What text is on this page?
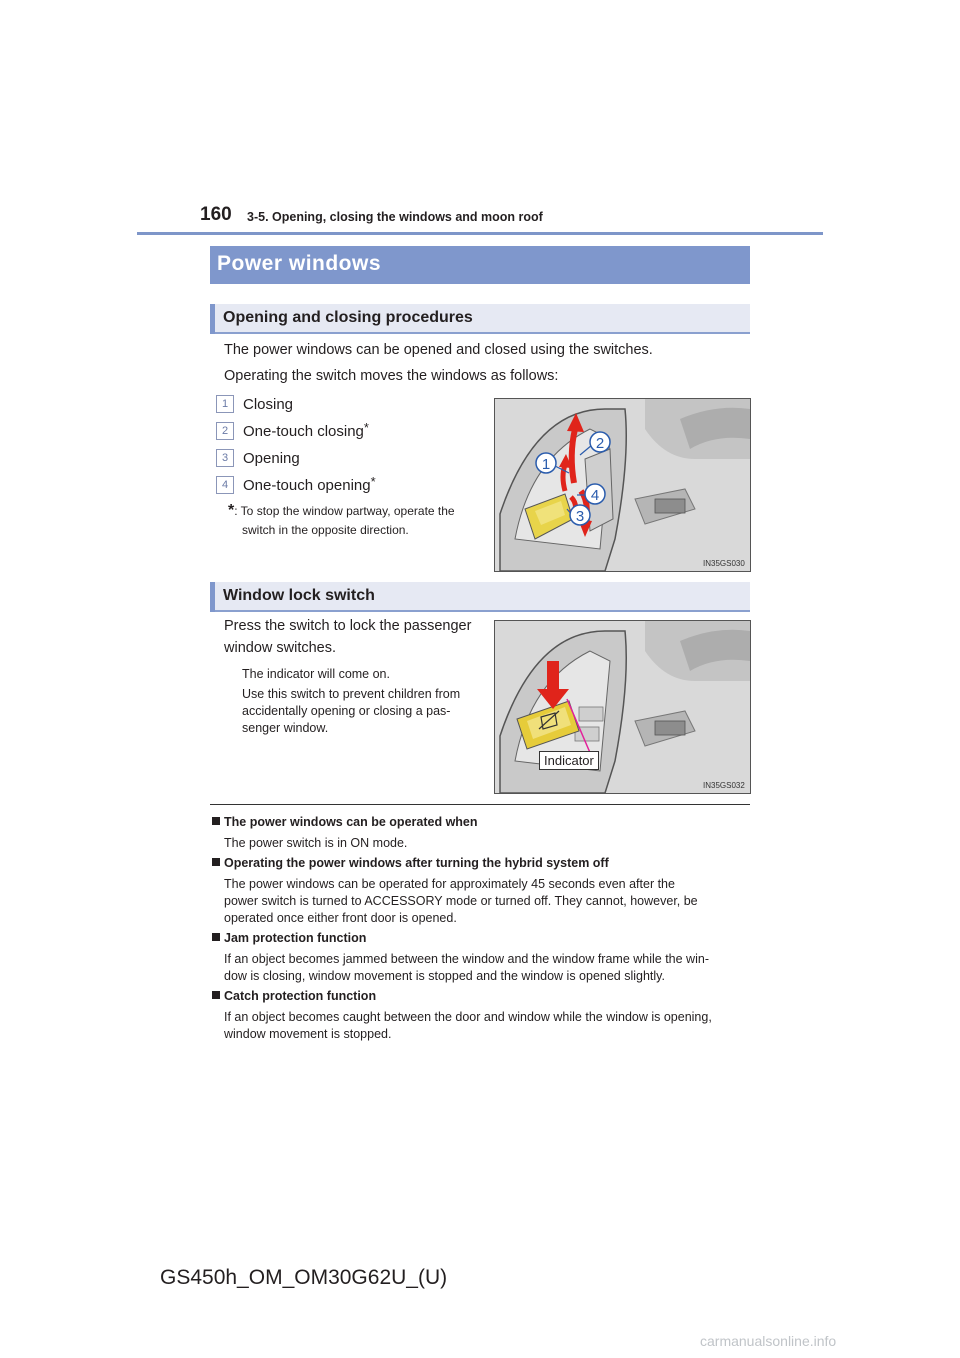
160 3-5. Opening, closing the windows and moon roof
Power windows
Opening and closing procedures
The power windows can be opened and closed using the switches.
Operating the switch moves the windows as follows:
1 Closing
2 One-touch closing*
3 Opening
4 One-touch opening*
*: To stop the window partway, operate the
switch in the opposite direction.
1
2
3
4
IN35GS030
Window lock switch
Press the switch to lock the passenger
window switches.
The indicator will come on.
Use this switch to prevent children from
accidentally opening or closing a pas-
senger window.
Indicator
IN35GS032
The power windows can be operated when
The power switch is in ON mode.
Operating the power windows after turning the hybrid system off
The power windows can be operated for approximately 45 seconds even after the
power switch is turned to ACCESSORY mode or turned off. They cannot, however, be
operated once either front door is opened.
Jam protection function
If an object becomes jammed between the window and the window frame while the win-
dow is closing, window movement is stopped and the window is opened slightly.
Catch protection function
If an object becomes caught between the door and window while the window is opening,
window movement is stopped.
GS450h_OM_OM30G62U_(U)
carmanualsonline.info
